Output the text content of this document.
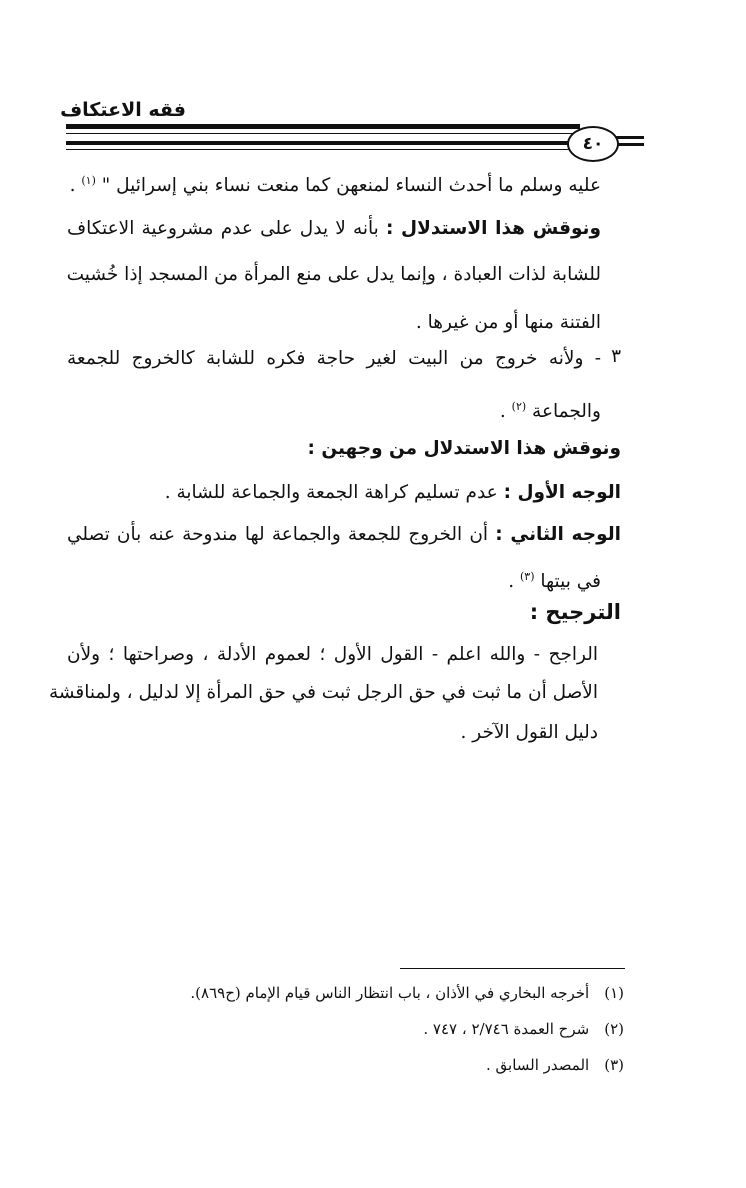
فقه الاعتكاف
٤٠
عليه وسلم ما أحدث النساء لمنعهن كما منعت نساء بني إسرائيل " $^{(١)}$ .
ونوقش هذا الاستدلال : بأنه لا يدل على عدم مشروعية الاعتكاف
للشابة لذات العبادة ، وإنما يدل على منع المرأة من المسجد إذا خُشيت
الفتنة منها أو من غيرها .
٣
- ولأنه خروج من البيت لغير حاجة فكره للشابة كالخروج للجمعة
والجماعة $^{(٢)}$ .
ونوقش هذا الاستدلال من وجهين :
الوجه الأول : عدم تسليم كراهة الجمعة والجماعة للشابة .
الوجه الثاني : أن الخروج للجمعة والجماعة لها مندوحة عنه بأن تصلي
في بيتها $^{(٣)}$ .
الترجيح :
الراجح - والله اعلم - القول الأول ؛ لعموم الأدلة ، وصراحتها ؛ ولأن
الأصل أن ما ثبت في حق الرجل ثبت في حق المرأة إلا لدليل ، ولمناقشة
دليل القول الآخر .
(١) أخرجه البخاري في الأذان ، باب انتظار الناس قيام الإمام (ح٨٦٩).
(٢) شرح العمدة ٢/٧٤٦ ، ٧٤٧ .
(٣) المصدر السابق .
